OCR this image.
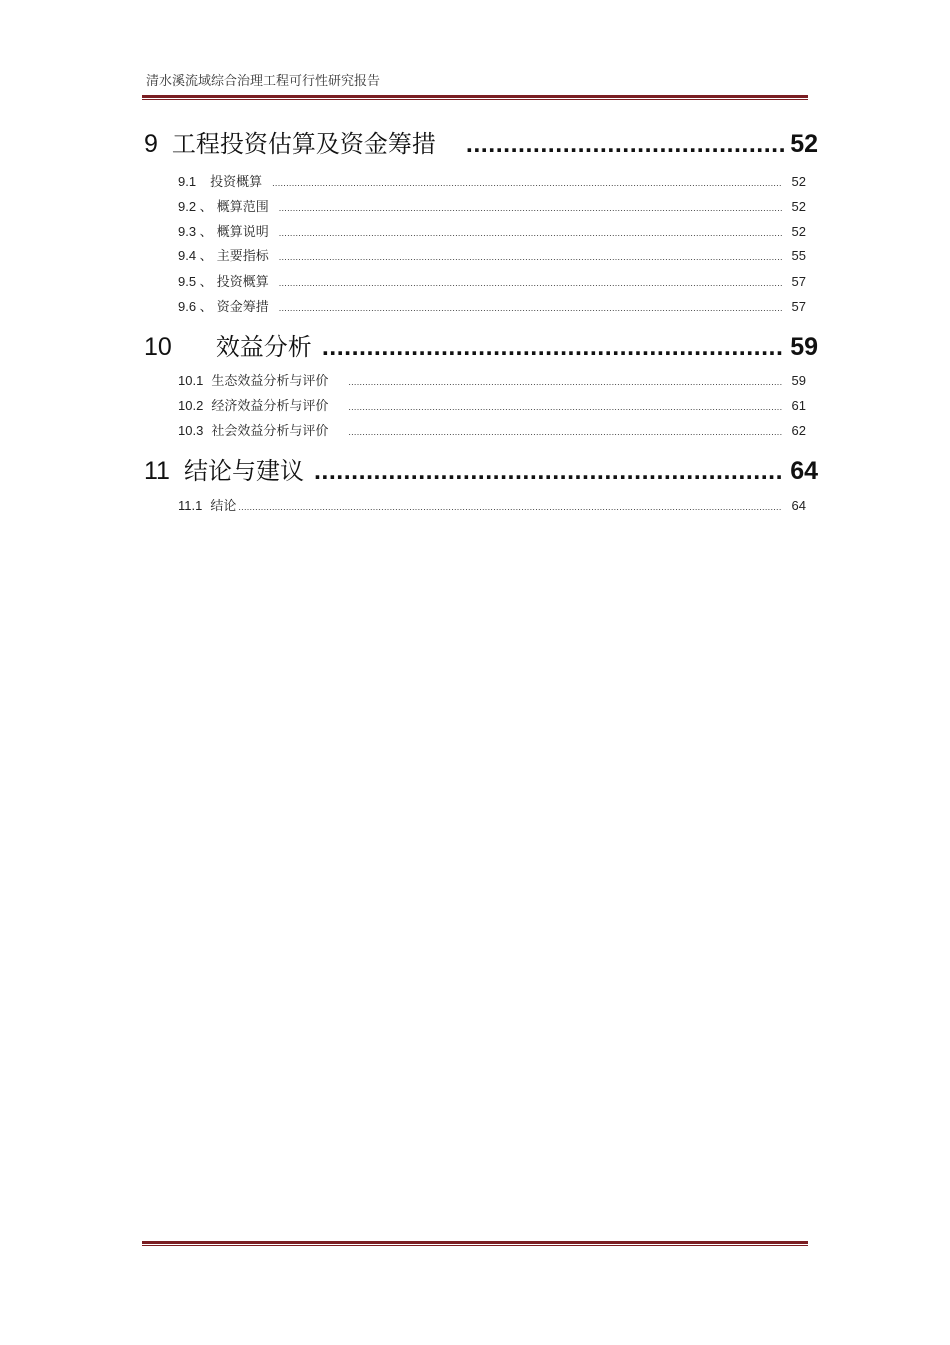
清水溪流域综合治理工程可行性研究报告
9 工程投资估算及资金筹措 .....	52
9.1 投资概算 .....	52
9.2 、 概算范围 .....	52
9.3 、 概算说明 .....	52
9.4 、 主要指标 .....	55
9.5 、 投资概算 .....	57
9.6 、 资金筹措 .....	57
10 效益分析 .....	59
10.1 生态效益分析与评价 .....	59
10.2 经济效益分析与评价 .....	61
10.3 社会效益分析与评价 .....	62
11 结论与建议 .....	64
11.1 结论 .....	64
